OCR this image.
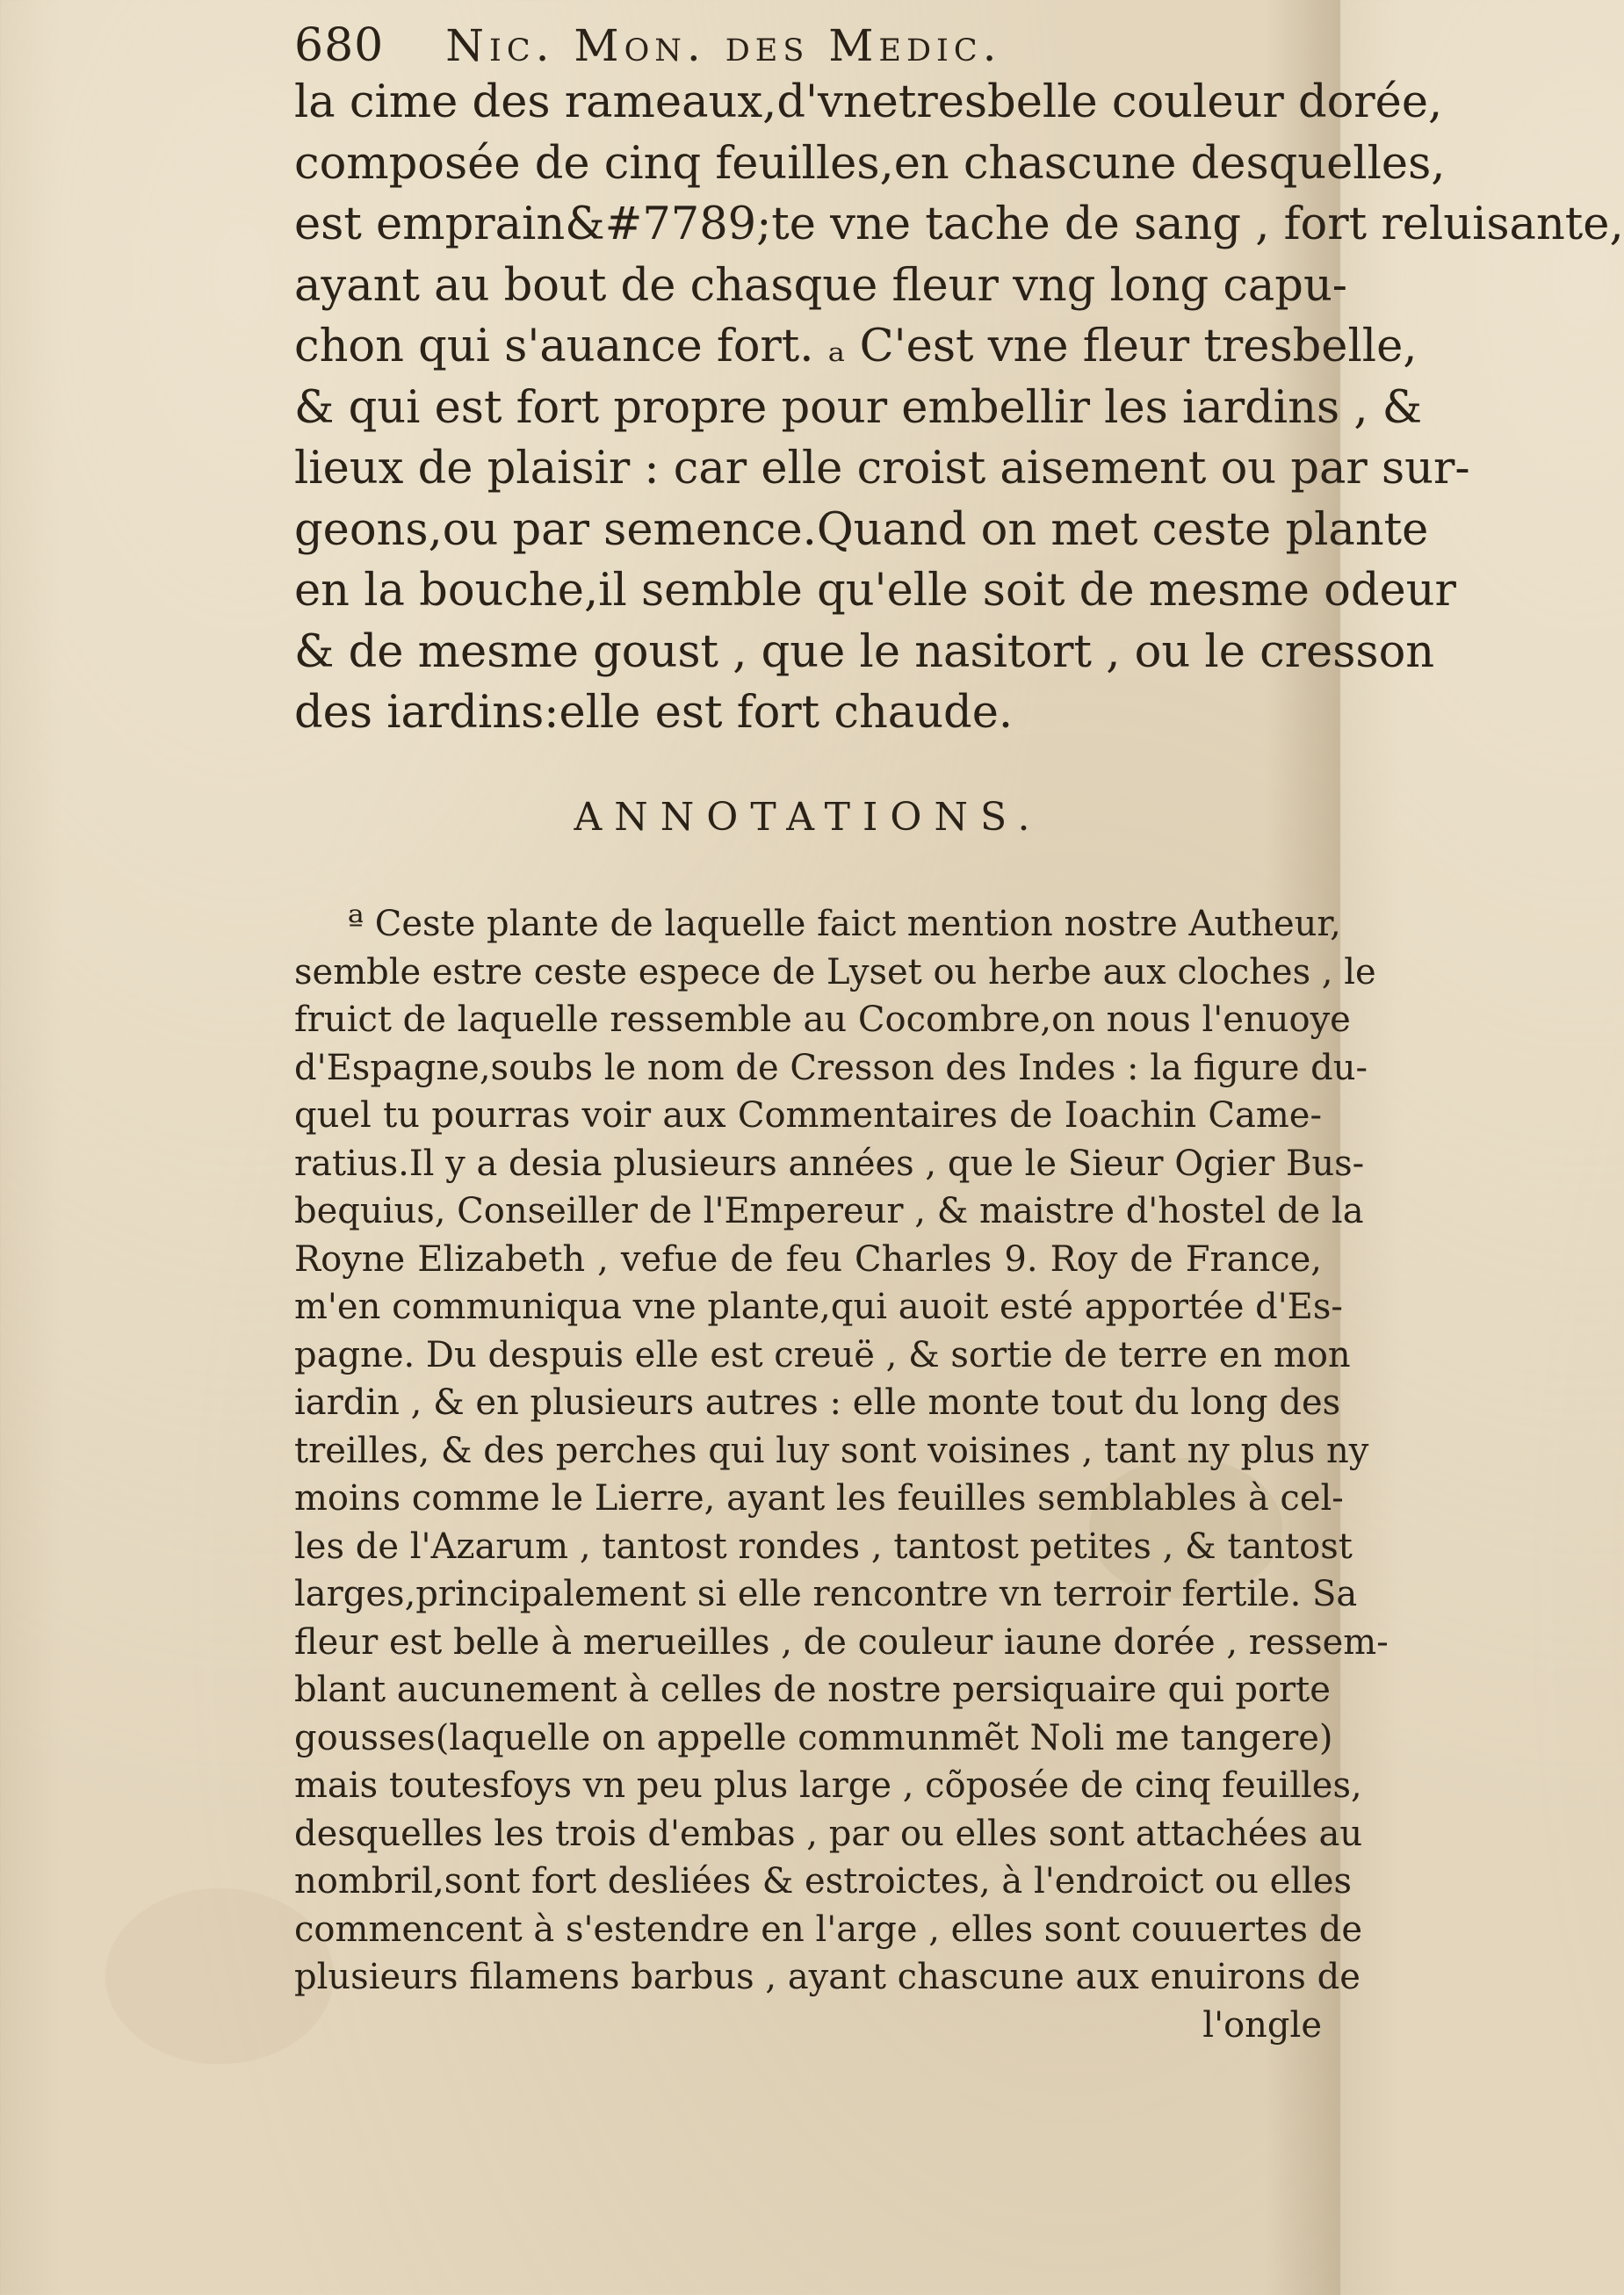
680 Nic. Mon. des Medic.
la cime des rameaux,d'vnetresbelle couleur dorée,
composée de cinq feuilles,en chascune desquelles,
est emprain&#7789;te vne tache de sang , fort reluisante,
ayant au bout de chasque fleur vng long capu-
chon qui s'auance fort. ₐ C'est vne fleur tresbelle,
& qui est fort propre pour embellir les iardins , &
lieux de plaisir : car elle croist aisement ou par sur-
geons,ou par semence.Quand on met ceste plante
en la bouche,il semble qu'elle soit de mesme odeur
& de mesme goust , que le nasitort , ou le cresson
des iardins:elle est fort chaude.
ANNOTATIONS.
ª Ceste plante de laquelle faict mention nostre Autheur,
semble estre ceste espece de Lyset ou herbe aux cloches , le
fruict de laquelle ressemble au Cocombre,on nous l'enuoye
d'Espagne,soubs le nom de Cresson des Indes : la figure du-
quel tu pourras voir aux Commentaires de Ioachin Came-
ratius.Il y a desia plusieurs années , que le Sieur Ogier Bus-
bequius, Conseiller de l'Empereur , & maistre d'hostel de la
Royne Elizabeth , vefue de feu Charles 9. Roy de France,
m'en communiqua vne plante,qui auoit esté apportée d'Es-
pagne. Du despuis elle est creuë , & sortie de terre en mon
iardin , & en plusieurs autres : elle monte tout du long des
treilles, & des perches qui luy sont voisines , tant ny plus ny
moins comme le Lierre, ayant les feuilles semblables à cel-
les de l'Azarum , tantost rondes , tantost petites , & tantost
larges,principalement si elle rencontre vn terroir fertile. Sa
fleur est belle à merueilles , de couleur iaune dorée , ressem-
blant aucunement à celles de nostre persiquaire qui porte
gousses(laquelle on appelle communmẽt Noli me tangere)
mais toutesfoys vn peu plus large , cõposée de cinq feuilles,
desquelles les trois d'embas , par ou elles sont attachées au
nombril,sont fort desliées & estroictes, à l'endroict ou elles
commencent à s'estendre en l'arge , elles sont couuertes de
plusieurs filamens barbus , ayant chascune aux enuirons de
l'ongle
